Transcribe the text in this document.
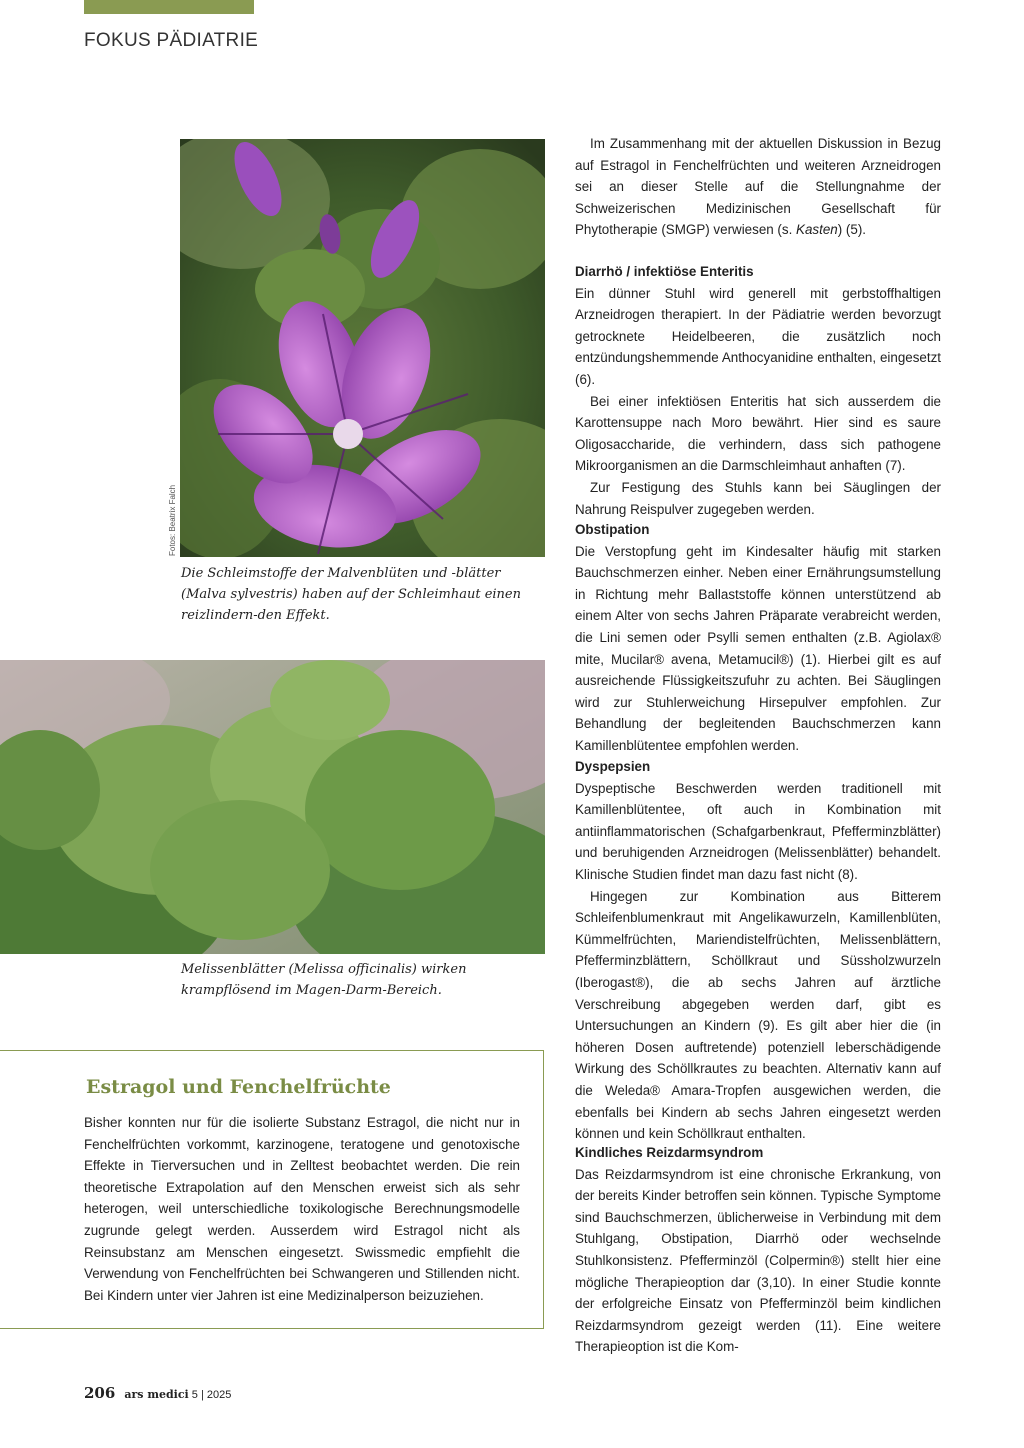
FOKUS PÄDIATRIE
Fotos: Beatrix Falch
Die Schleimstoffe der Malvenblüten und -blätter (Malva sylvestris) haben auf der Schleimhaut einen reizlindern-den Effekt.
Melissenblätter (Melissa officinalis) wirken krampflösend im Magen-Darm-Bereich.
Estragol und Fenchelfrüchte

Bisher konnten nur für die isolierte Substanz Estragol, die nicht nur in Fenchelfrüchten vorkommt, karzinogene, teratogene und genotoxische Effekte in Tierversuchen und in Zelltest beobachtet werden. Die rein theoretische Extrapolation auf den Menschen erweist sich als sehr heterogen, weil unterschiedliche toxikologische Berechnungsmodelle zugrunde gelegt werden. Ausserdem wird Estragol nicht als Reinsubstanz am Menschen eingesetzt. Swissmedic empfiehlt die Verwendung von Fenchelfrüchten bei Schwangeren und Stillenden nicht. Bei Kindern unter vier Jahren ist eine Medizinalperson beizuziehen.

Im Zusammenhang mit der aktuellen Diskussion in Bezug auf Estragol in Fenchelfrüchten und weiteren Arzneidrogen sei an dieser Stelle auf die Stellungnahme der Schweizerischen Medizinischen Gesellschaft für Phytotherapie (SMGP) verwiesen (s. Kasten) (5).

Diarrhö / infektiöse Enteritis

Ein dünner Stuhl wird generell mit gerbstoffhaltigen Arzneidrogen therapiert. In der Pädiatrie werden bevorzugt getrocknete Heidelbeeren, die zusätzlich noch entzündungshemmende Anthocyanidine enthalten, eingesetzt (6).

Bei einer infektiösen Enteritis hat sich ausserdem die Karottensuppe nach Moro bewährt. Hier sind es saure Oligosaccharide, die verhindern, dass sich pathogene Mikroorganismen an die Darmschleimhaut anhaften (7).

Zur Festigung des Stuhls kann bei Säuglingen der Nahrung Reispulver zugegeben werden.

Obstipation

Die Verstopfung geht im Kindesalter häufig mit starken Bauchschmerzen einher. Neben einer Ernährungsumstellung in Richtung mehr Ballaststoffe können unterstützend ab einem Alter von sechs Jahren Präparate verabreicht werden, die Lini semen oder Psylli semen enthalten (z.B. Agiolax® mite, Mucilar® avena, Metamucil®) (1). Hierbei gilt es auf ausreichende Flüssigkeitszufuhr zu achten. Bei Säuglingen wird zur Stuhlerweichung Hirsepulver empfohlen. Zur Behandlung der begleitenden Bauchschmerzen kann Kamillenblütentee empfohlen werden.

Dyspepsien

Dyspeptische Beschwerden werden traditionell mit Kamillenblütentee, oft auch in Kombination mit antiinflammatorischen (Schafgarbenkraut, Pfefferminzblätter) und beruhigenden Arzneidrogen (Melissenblätter) behandelt. Klinische Studien findet man dazu fast nicht (8).

Hingegen zur Kombination aus Bitterem Schleifenblumenkraut mit Angelikawurzeln, Kamillenblüten, Kümmelfrüchten, Mariendistelfrüchten, Melissenblättern, Pfefferminzblättern, Schöllkraut und Süssholzwurzeln (Iberogast®), die ab sechs Jahren auf ärztliche Verschreibung abgegeben werden darf, gibt es Untersuchungen an Kindern (9). Es gilt aber hier die (in höheren Dosen auftretende) potenziell leberschädigende Wirkung des Schöllkrautes zu beachten. Alternativ kann auf die Weleda® Amara-Tropfen ausgewichen werden, die ebenfalls bei Kindern ab sechs Jahren eingesetzt werden können und kein Schöllkraut enthalten.

Kindliches Reizdarmsyndrom

Das Reizdarmsyndrom ist eine chronische Erkrankung, von der bereits Kinder betroffen sein können. Typische Symptome sind Bauchschmerzen, üblicherweise in Verbindung mit dem Stuhlgang, Obstipation, Diarrhö oder wechselnde Stuhlkonsistenz. Pfefferminzöl (Colpermin®) stellt hier eine mögliche Therapieoption dar (3,10). In einer Studie konnte der erfolgreiche Einsatz von Pfefferminzöl beim kindlichen Reizdarmsyndrom gezeigt werden (11). Eine weitere Therapieoption ist die Kom-

206 ars medici 5 | 2025
